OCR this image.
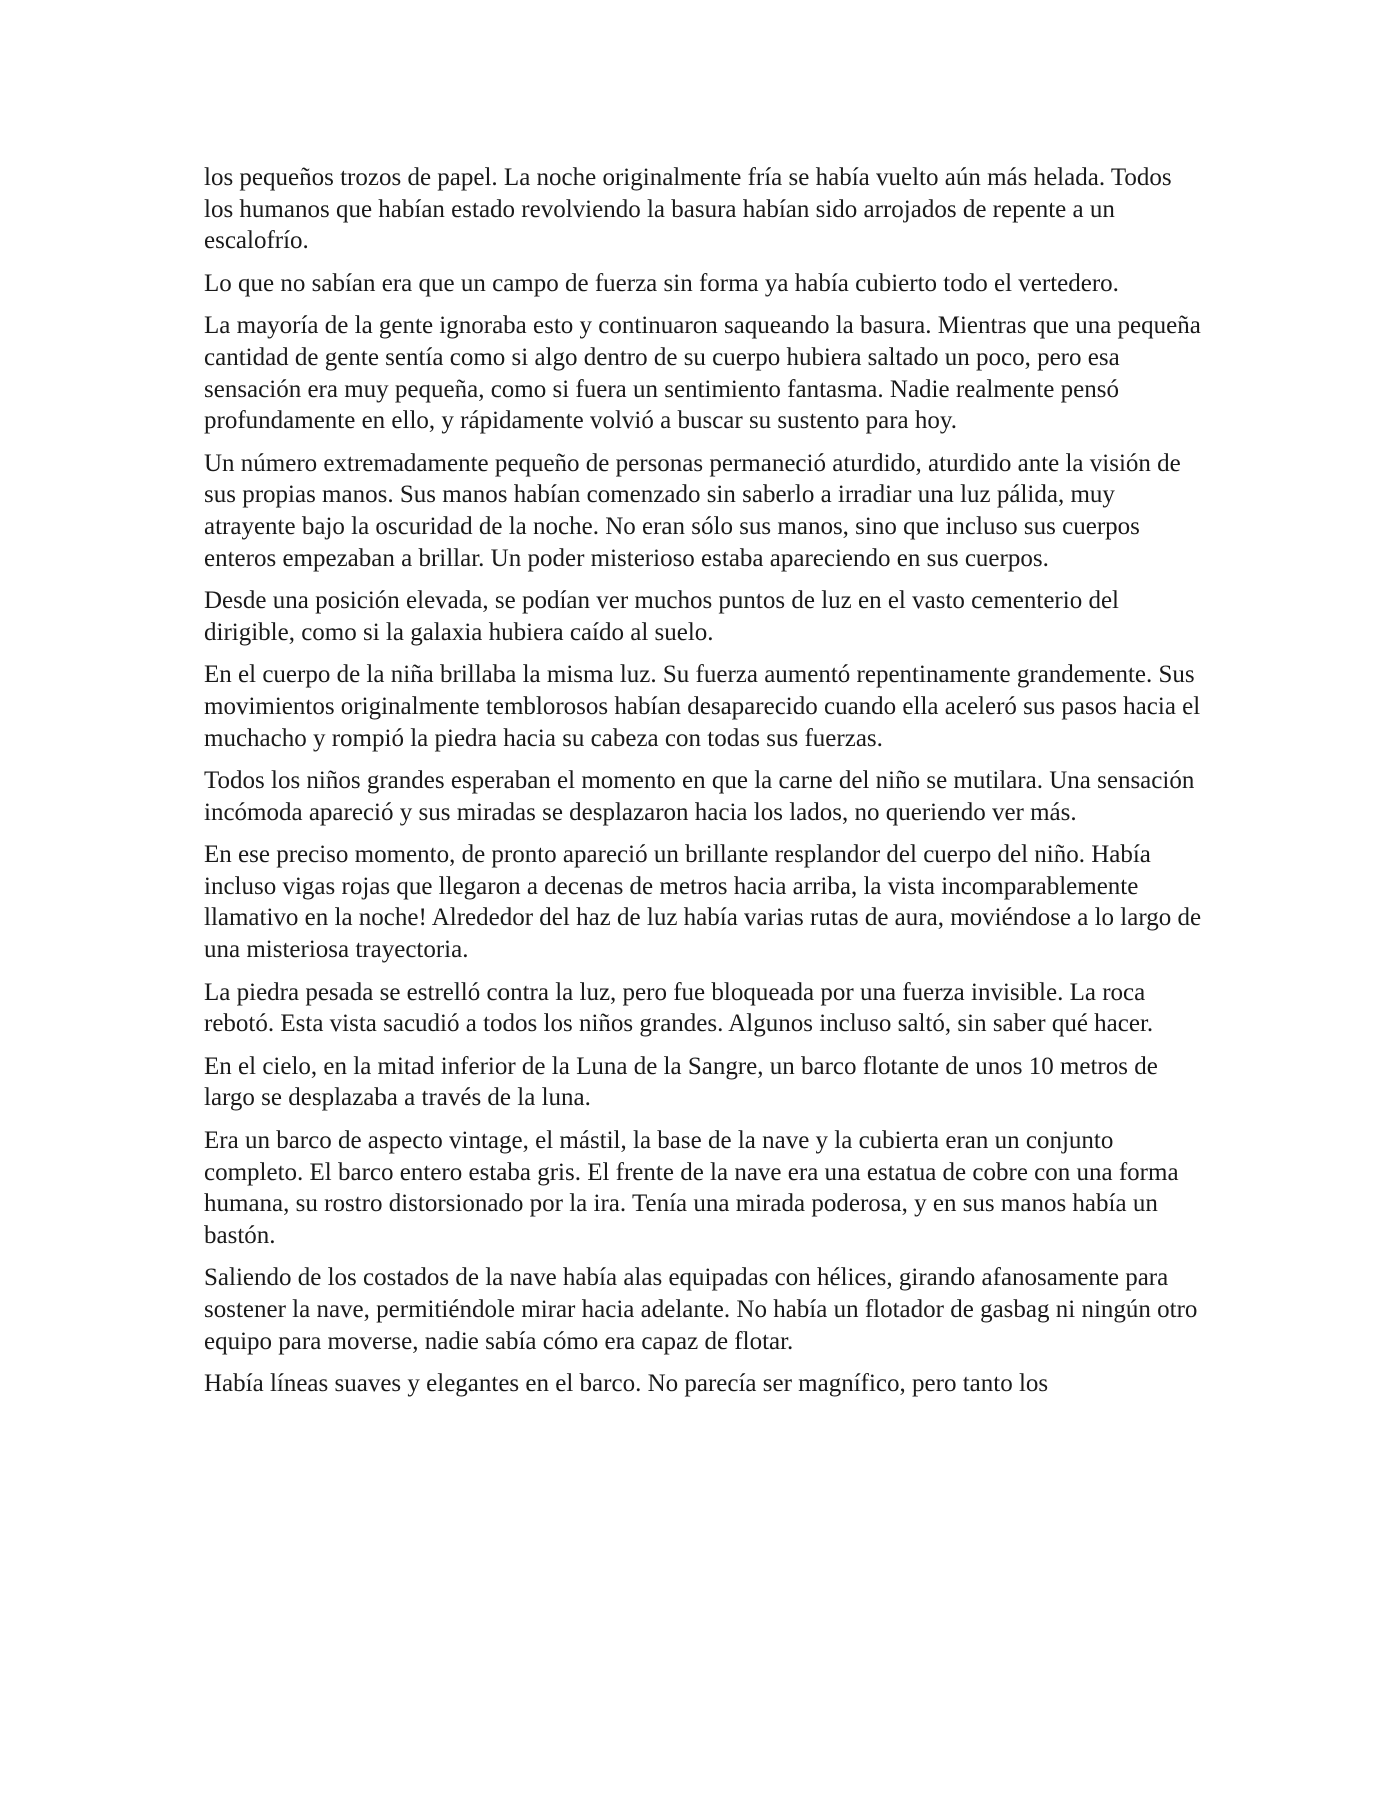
los pequeños trozos de papel. La noche originalmente fría se había vuelto aún más helada. Todos los humanos que habían estado revolviendo la basura habían sido arrojados de repente a un escalofrío.

Lo que no sabían era que un campo de fuerza sin forma ya había cubierto todo el vertedero.

La mayoría de la gente ignoraba esto y continuaron saqueando la basura. Mientras que una pequeña cantidad de gente sentía como si algo dentro de su cuerpo hubiera saltado un poco, pero esa sensación era muy pequeña, como si fuera un sentimiento fantasma. Nadie realmente pensó profundamente en ello, y rápidamente volvió a buscar su sustento para hoy.

Un número extremadamente pequeño de personas permaneció aturdido, aturdido ante la visión de sus propias manos. Sus manos habían comenzado sin saberlo a irradiar una luz pálida, muy atrayente bajo la oscuridad de la noche. No eran sólo sus manos, sino que incluso sus cuerpos enteros empezaban a brillar. Un poder misterioso estaba apareciendo en sus cuerpos.

Desde una posición elevada, se podían ver muchos puntos de luz en el vasto cementerio del dirigible, como si la galaxia hubiera caído al suelo.

En el cuerpo de la niña brillaba la misma luz. Su fuerza aumentó repentinamente grandemente. Sus movimientos originalmente temblorosos habían desaparecido cuando ella aceleró sus pasos hacia el muchacho y rompió la piedra hacia su cabeza con todas sus fuerzas.

Todos los niños grandes esperaban el momento en que la carne del niño se mutilara. Una sensación incómoda apareció y sus miradas se desplazaron hacia los lados, no queriendo ver más.

En ese preciso momento, de pronto apareció un brillante resplandor del cuerpo del niño. Había incluso vigas rojas que llegaron a decenas de metros hacia arriba, la vista incomparablemente llamativo en la noche! Alrededor del haz de luz había varias rutas de aura, moviéndose a lo largo de una misteriosa trayectoria.

La piedra pesada se estrelló contra la luz, pero fue bloqueada por una fuerza invisible. La roca rebotó. Esta vista sacudió a todos los niños grandes. Algunos incluso saltó, sin saber qué hacer.

En el cielo, en la mitad inferior de la Luna de la Sangre, un barco flotante de unos 10 metros de largo se desplazaba a través de la luna.

Era un barco de aspecto vintage, el mástil, la base de la nave y la cubierta eran un conjunto completo. El barco entero estaba gris. El frente de la nave era una estatua de cobre con una forma humana, su rostro distorsionado por la ira. Tenía una mirada poderosa, y en sus manos había un bastón.

Saliendo de los costados de la nave había alas equipadas con hélices, girando afanosamente para sostener la nave, permitiéndole mirar hacia adelante. No había un flotador de gasbag ni ningún otro equipo para moverse, nadie sabía cómo era capaz de flotar.

Había líneas suaves y elegantes en el barco. No parecía ser magnífico, pero tanto los
